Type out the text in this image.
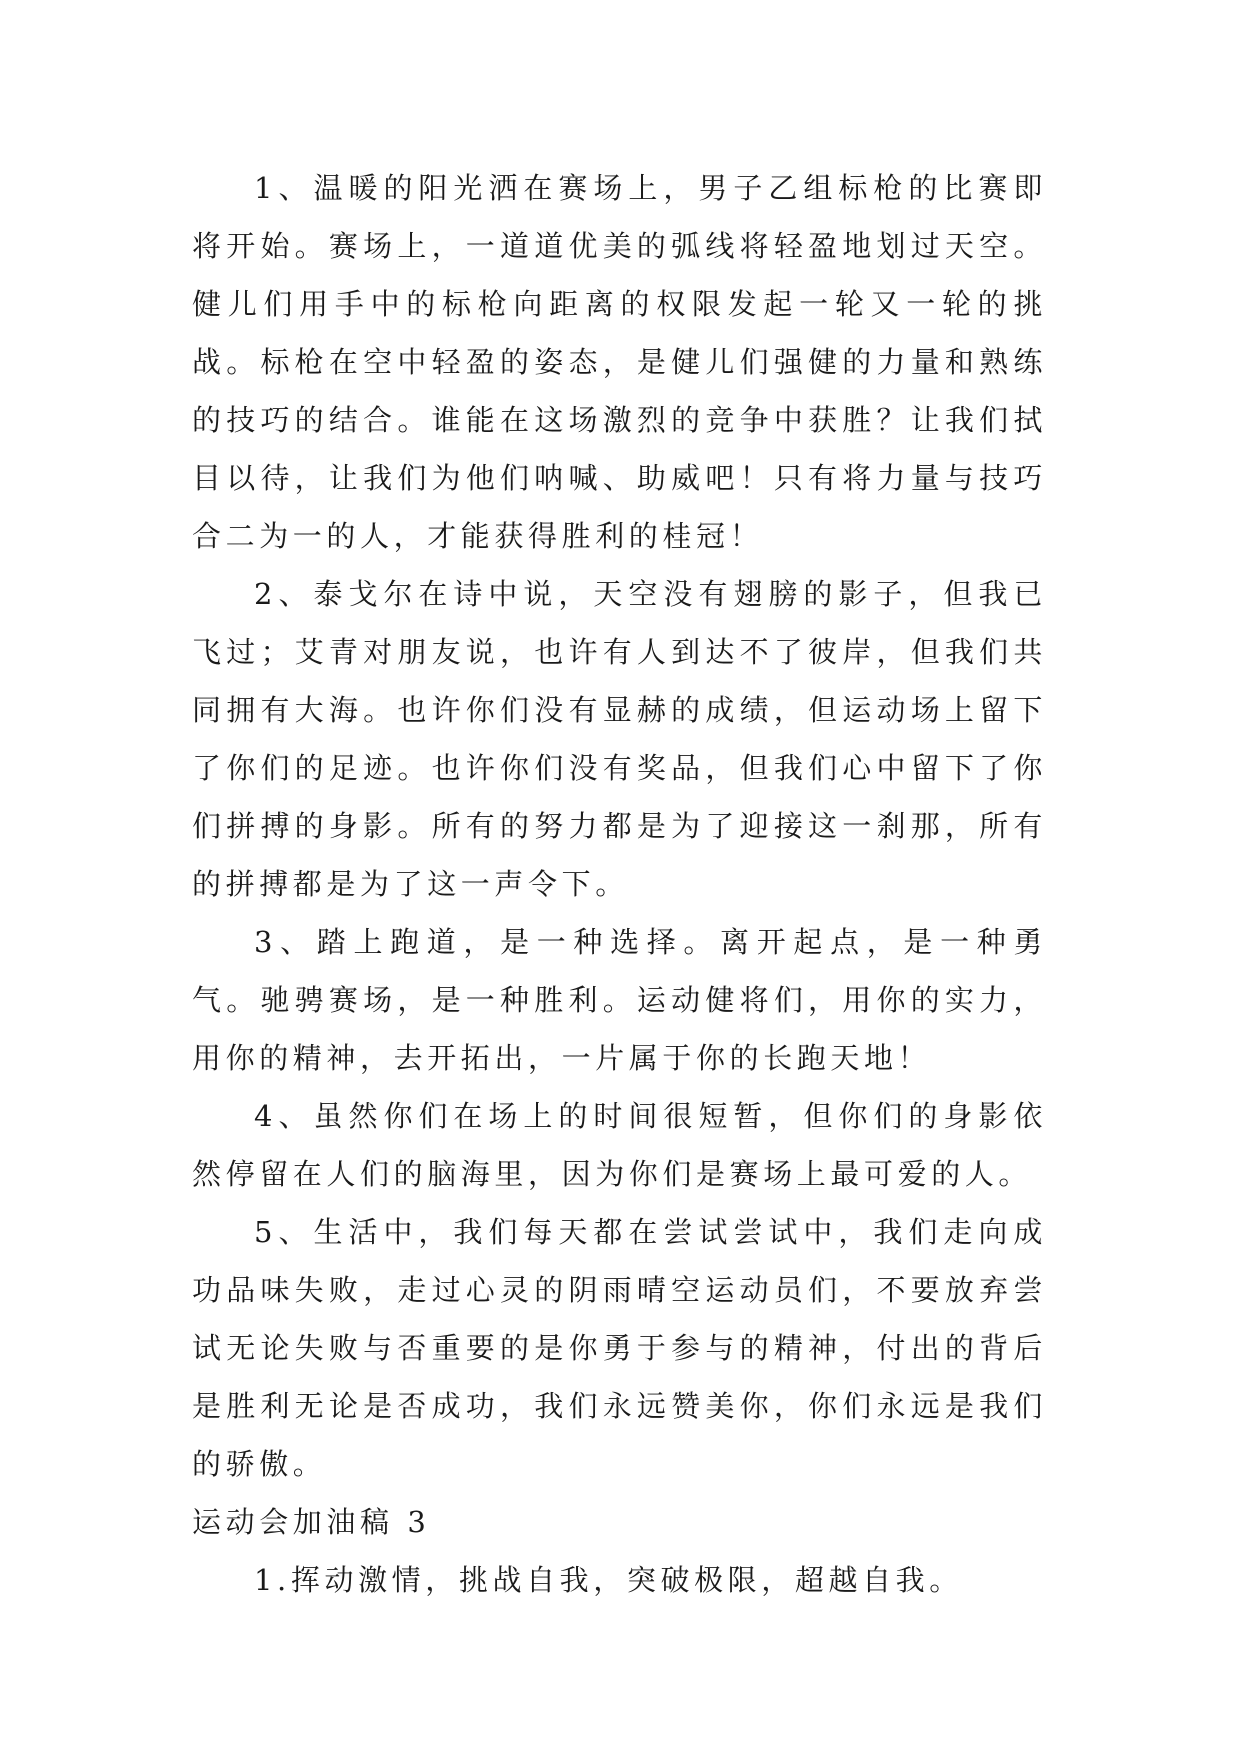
1、温暖的阳光洒在赛场上，男子乙组标枪的比赛即将开始。赛场上，一道道优美的弧线将轻盈地划过天空。健儿们用手中的标枪向距离的权限发起一轮又一轮的挑战。标枪在空中轻盈的姿态，是健儿们强健的力量和熟练的技巧的结合。谁能在这场激烈的竞争中获胜？让我们拭目以待，让我们为他们呐喊、助威吧！只有将力量与技巧合二为一的人，才能获得胜利的桂冠！

2、泰戈尔在诗中说，天空没有翅膀的影子，但我已飞过；艾青对朋友说，也许有人到达不了彼岸，但我们共同拥有大海。也许你们没有显赫的成绩，但运动场上留下了你们的足迹。也许你们没有奖品，但我们心中留下了你们拼搏的身影。所有的努力都是为了迎接这一刹那，所有的拼搏都是为了这一声令下。

3、踏上跑道，是一种选择。离开起点，是一种勇气。驰骋赛场，是一种胜利。运动健将们，用你的实力，用你的精神，去开拓出，一片属于你的长跑天地！

4、虽然你们在场上的时间很短暂，但你们的身影依然停留在人们的脑海里，因为你们是赛场上最可爱的人。

5、生活中，我们每天都在尝试尝试中，我们走向成功品味失败，走过心灵的阴雨晴空运动员们，不要放弃尝试无论失败与否重要的是你勇于参与的精神，付出的背后是胜利无论是否成功，我们永远赞美你，你们永远是我们的骄傲。

运动会加油稿 3

1.挥动激情，挑战自我，突破极限，超越自我。
